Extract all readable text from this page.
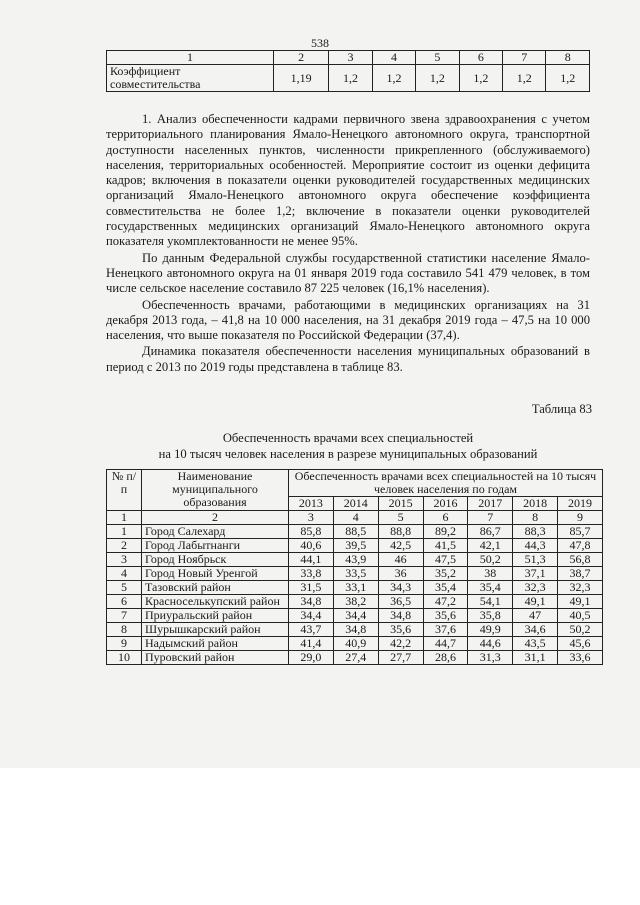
538
1	2	3	4	5	6	7	8
Коэффициент совместительства	1,19	1,2	1,2	1,2	1,2	1,2	1,2

1. Анализ обеспеченности кадрами первичного звена здравоохранения с учетом территориального планирования Ямало-Ненецкого автономного округа, транспортной доступности населенных пунктов, численности прикрепленного (обслуживаемого) населения, территориальных особенностей. Мероприятие состоит из оценки дефицита кадров; включения в показатели оценки руководителей государственных медицинских организаций Ямало-Ненецкого автономного округа обеспечение коэффициента совместительства не более 1,2; включение в показатели оценки руководителей государственных медицинских организаций Ямало-Ненецкого автономного округа показателя укомплектованности не менее 95%.

По данным Федеральной службы государственной статистики население Ямало-Ненецкого автономного округа на 01 января 2019 года составило 541 479 человек, в том числе сельское население составило 87 225 человек (16,1% населения).

Обеспеченность врачами, работающими в медицинских организациях на 31 декабря 2013 года, – 41,8 на 10 000 населения, на 31 декабря 2019 года – 47,5 на 10 000 населения, что выше показателя по Российской Федерации (37,4).

Динамика показателя обеспеченности населения муниципальных образований в период с 2013 по 2019 годы представлена в таблице 83.

Таблица 83
Обеспеченность врачами всех специальностей
на 10 тысяч человек населения в разрезе муниципальных образований
№ п/п	Наименование муниципального образования	Обеспеченность врачами всех специальностей на 10 тысяч человек населения по годам						
		2013	2014	2015	2016	2017	2018	2019
1	2	3	4	5	6	7	8	9
1	Город Салехард	85,8	88,5	88,8	89,2	86,7	88,3	85,7
2	Город Лабытнанги	40,6	39,5	42,5	41,5	42,1	44,3	47,8
3	Город Ноябрьск	44,1	43,9	46	47,5	50,2	51,3	56,8
4	Город Новый Уренгой	33,8	33,5	36	35,2	38	37,1	38,7
5	Тазовский район	31,5	33,1	34,3	35,4	35,4	32,3	32,3
6	Красноселькупский район	34,8	38,2	36,5	47,2	54,1	49,1	49,1
7	Приуральский район	34,4	34,4	34,8	35,6	35,8	47	40,5
8	Шурышкарский район	43,7	34,8	35,6	37,6	49,9	34,6	50,2
9	Надымский район	41,4	40,9	42,2	44,7	44,6	43,5	45,6
10	Пуровский район	29,0	27,4	27,7	28,6	31,3	31,1	33,6
